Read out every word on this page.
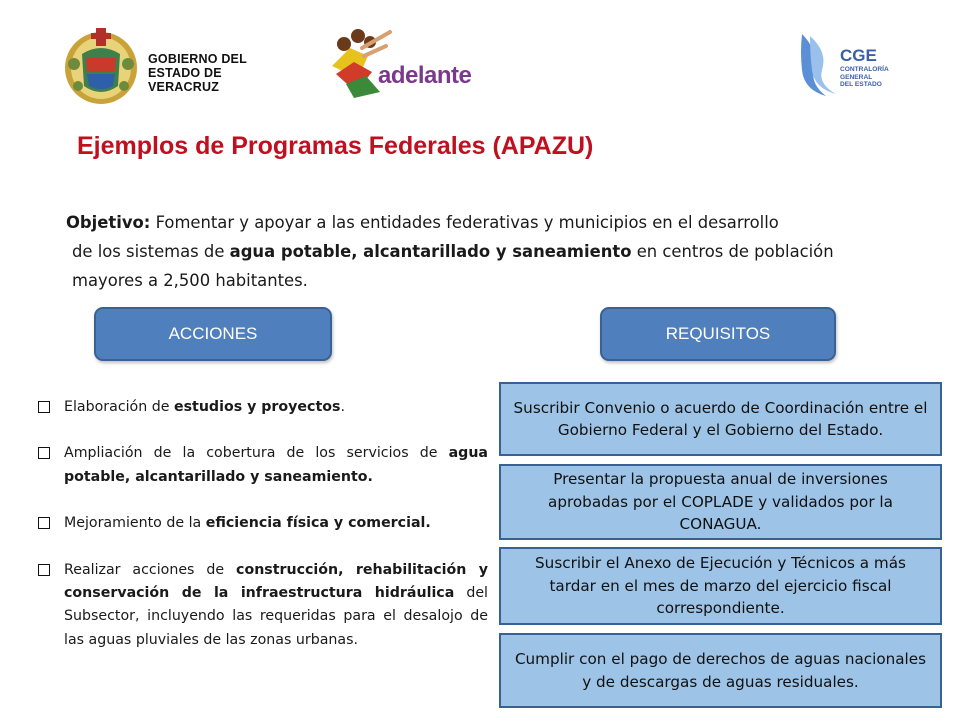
GOBIERNO DEL
ESTADO DE VERACRUZ	adelante
CGE
CONTRALORÍA GENERAL
DEL ESTADO
Ejemplos de Programas Federales (APAZU)
Objetivo: Fomentar y apoyar a las entidades federativas y municipios en el desarrollo
de los sistemas de agua potable, alcantarillado y saneamiento en centros de población
mayores a 2,500 habitantes.
ACCIONES	REQUISITOS
Elaboración de estudios y proyectos.
Ampliación de la cobertura de los servicios de agua potable, alcantarillado y saneamiento.
Mejoramiento de la eficiencia física y comercial.
Realizar acciones de construcción, rehabilitación y conservación de la infraestructura hidráulica del Subsector, incluyendo las requeridas para el desalojo de las aguas pluviales de las zonas urbanas.
Suscribir Convenio o acuerdo de Coordinación entre el Gobierno Federal y el Gobierno del Estado.
Presentar la propuesta anual de inversiones aprobadas por el COPLADE y validados por la CONAGUA.
Suscribir el Anexo de Ejecución y Técnicos a más tardar en el mes de marzo del ejercicio fiscal correspondiente.
Cumplir con el pago de derechos de aguas nacionales y de descargas de aguas residuales.
